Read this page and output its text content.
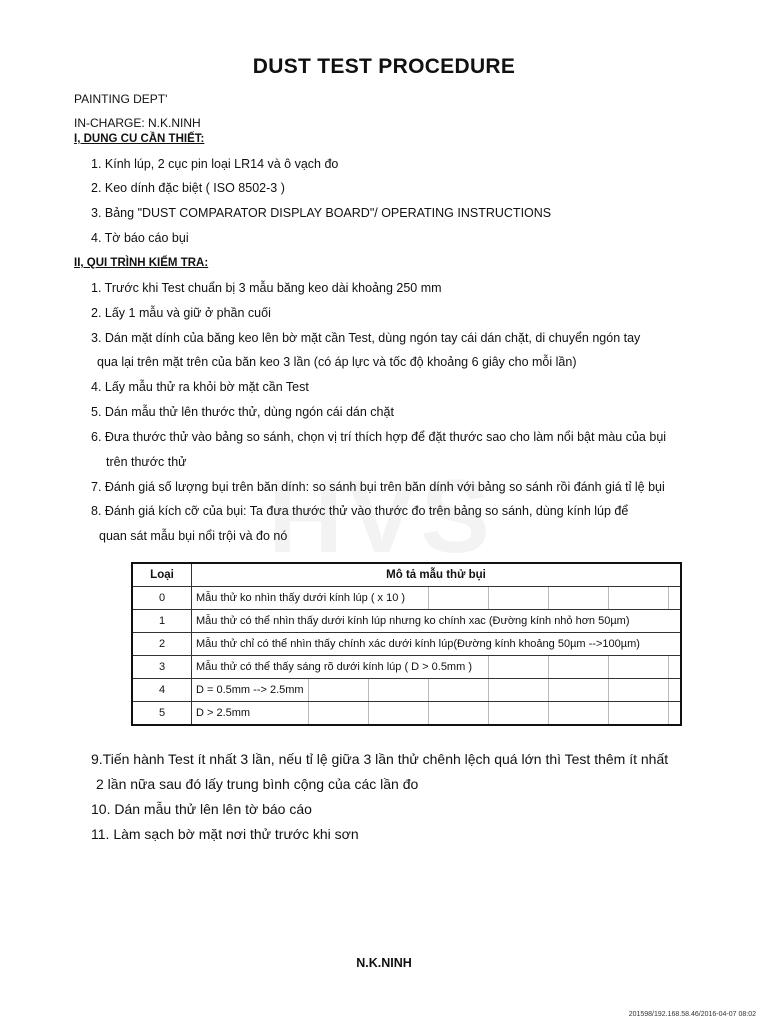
DUST TEST PROCEDURE
PAINTING DEPT'
IN-CHARGE: N.K.NINH
I, DUNG CU CẦN THIẾT:
1. Kính lúp, 2 cục pin loại LR14 và ô vạch đo
2. Keo dính đặc biệt ( ISO 8502-3 )
3. Bảng "DUST COMPARATOR DISPLAY BOARD"/ OPERATING INSTRUCTIONS
4. Tờ báo cáo bụi
II, QUI TRÌNH KIỂM TRA:
1. Trước khi Test chuẩn bị 3 mẫu băng keo dài khoảng 250 mm
2. Lấy 1 mẫu và giữ ở phần cuối
3. Dán mặt dính của băng keo lên bờ mặt cần Test, dùng ngón tay cái dán chặt, di chuyển ngón tay
qua lại trên mặt trên của băn keo 3 lần (có áp lực và tốc độ khoảng 6 giây cho mỗi lần)
4. Lấy mẫu thử ra khỏi bờ mặt cần Test
5. Dán mẫu thử lên thước thử, dùng ngón cái dán chặt
6. Đưa thước thử vào bảng so sánh, chọn vị trí thích hợp để đặt thước sao cho làm nổi bật màu của bụi
trên thước thử
7. Đánh giá số lượng bụi trên băn dính: so sánh bụi trên băn dính với bảng so sánh rồi đánh giá tỉ lệ bụi
8. Đánh giá kích cỡ của bụi: Ta đưa thước thử vào thước đo trên bảng so sánh, dùng kính lúp để
quan sát mẫu bụi nổi trội và đo nó
Loại	Mô tả mẫu thử bụi
0	Mẫu thử ko nhìn thấy dưới kính lúp ( x 10 )
1	Mẫu thử có thể nhìn thấy dưới kính lúp nhưng ko chính xac (Đường kính nhỏ hơn 50µm)
2	Mẫu thử chỉ có thể nhìn thấy chính xác dưới kính lúp(Đường kính khoảng 50µm -->100µm)
3	Mẫu thử có thể thấy sáng rõ dưới kính lúp ( D > 0.5mm )
4	D = 0.5mm --> 2.5mm
5	D > 2.5mm
9.Tiến hành Test ít nhất 3 lần, nếu tỉ lệ giữa 3 lần thử chênh lệch quá lớn thì Test thêm ít nhất
2 lần nữa sau đó lấy trung bình cộng của các lần đo
10. Dán mẫu thử lên lên tờ báo cáo
11. Làm sạch bờ mặt nơi thử trước khi sơn
N.K.NINH
201598/192.168.58.46/2016-04-07 08:02
